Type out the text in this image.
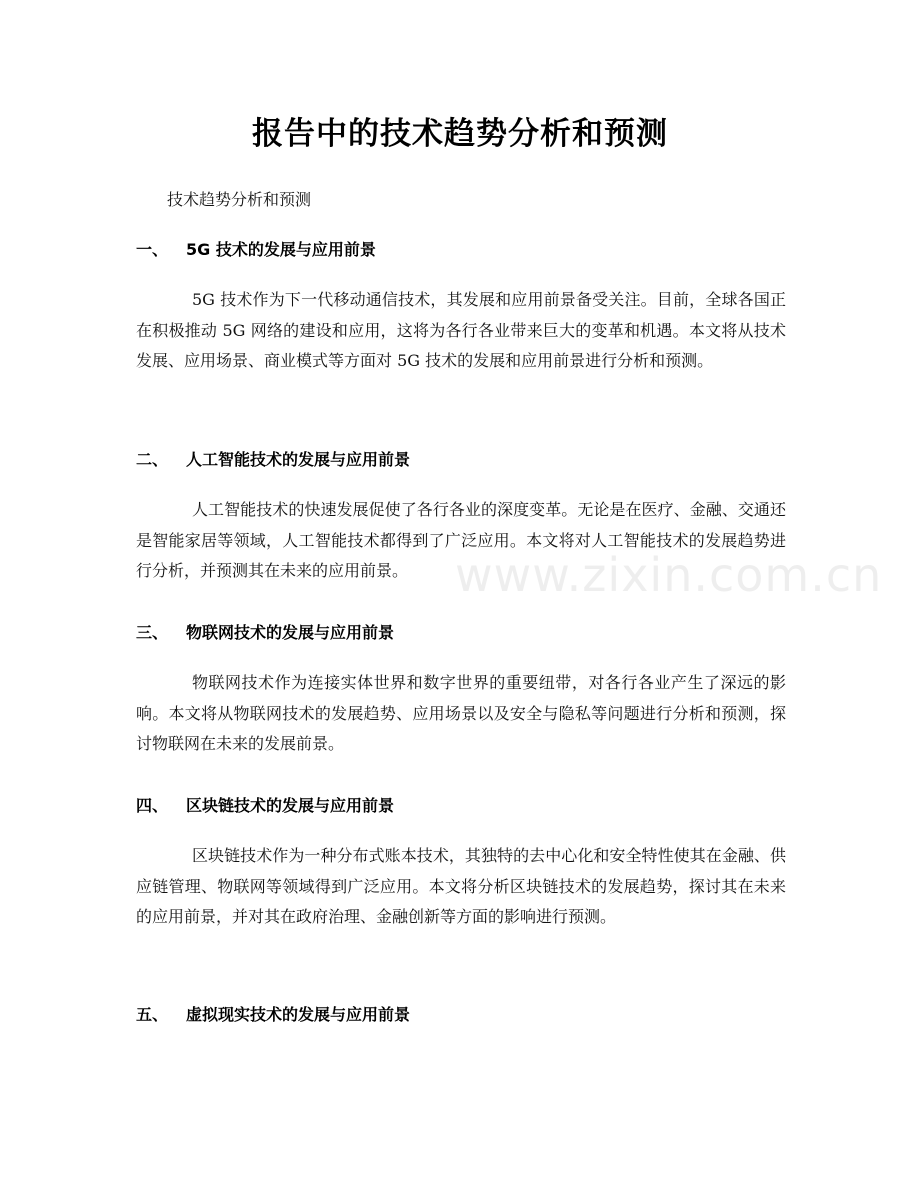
报告中的技术趋势分析和预测
技术趋势分析和预测
一、 5G 技术的发展与应用前景
5G 技术作为下一代移动通信技术，其发展和应用前景备受关注。目前，全球各国正在积极推动 5G 网络的建设和应用，这将为各行各业带来巨大的变革和机遇。本文将从技术发展、应用场景、商业模式等方面对 5G 技术的发展和应用前景进行分析和预测。
二、 人工智能技术的发展与应用前景
人工智能技术的快速发展促使了各行各业的深度变革。无论是在医疗、金融、交通还是智能家居等领域，人工智能技术都得到了广泛应用。本文将对人工智能技术的发展趋势进行分析，并预测其在未来的应用前景。
三、 物联网技术的发展与应用前景
物联网技术作为连接实体世界和数字世界的重要纽带，对各行各业产生了深远的影响。本文将从物联网技术的发展趋势、应用场景以及安全与隐私等问题进行分析和预测，探讨物联网在未来的发展前景。
四、 区块链技术的发展与应用前景
区块链技术作为一种分布式账本技术，其独特的去中心化和安全特性使其在金融、供应链管理、物联网等领域得到广泛应用。本文将分析区块链技术的发展趋势，探讨其在未来的应用前景，并对其在政府治理、金融创新等方面的影响进行预测。
五、 虚拟现实技术的发展与应用前景
www.zixin.com.cn
